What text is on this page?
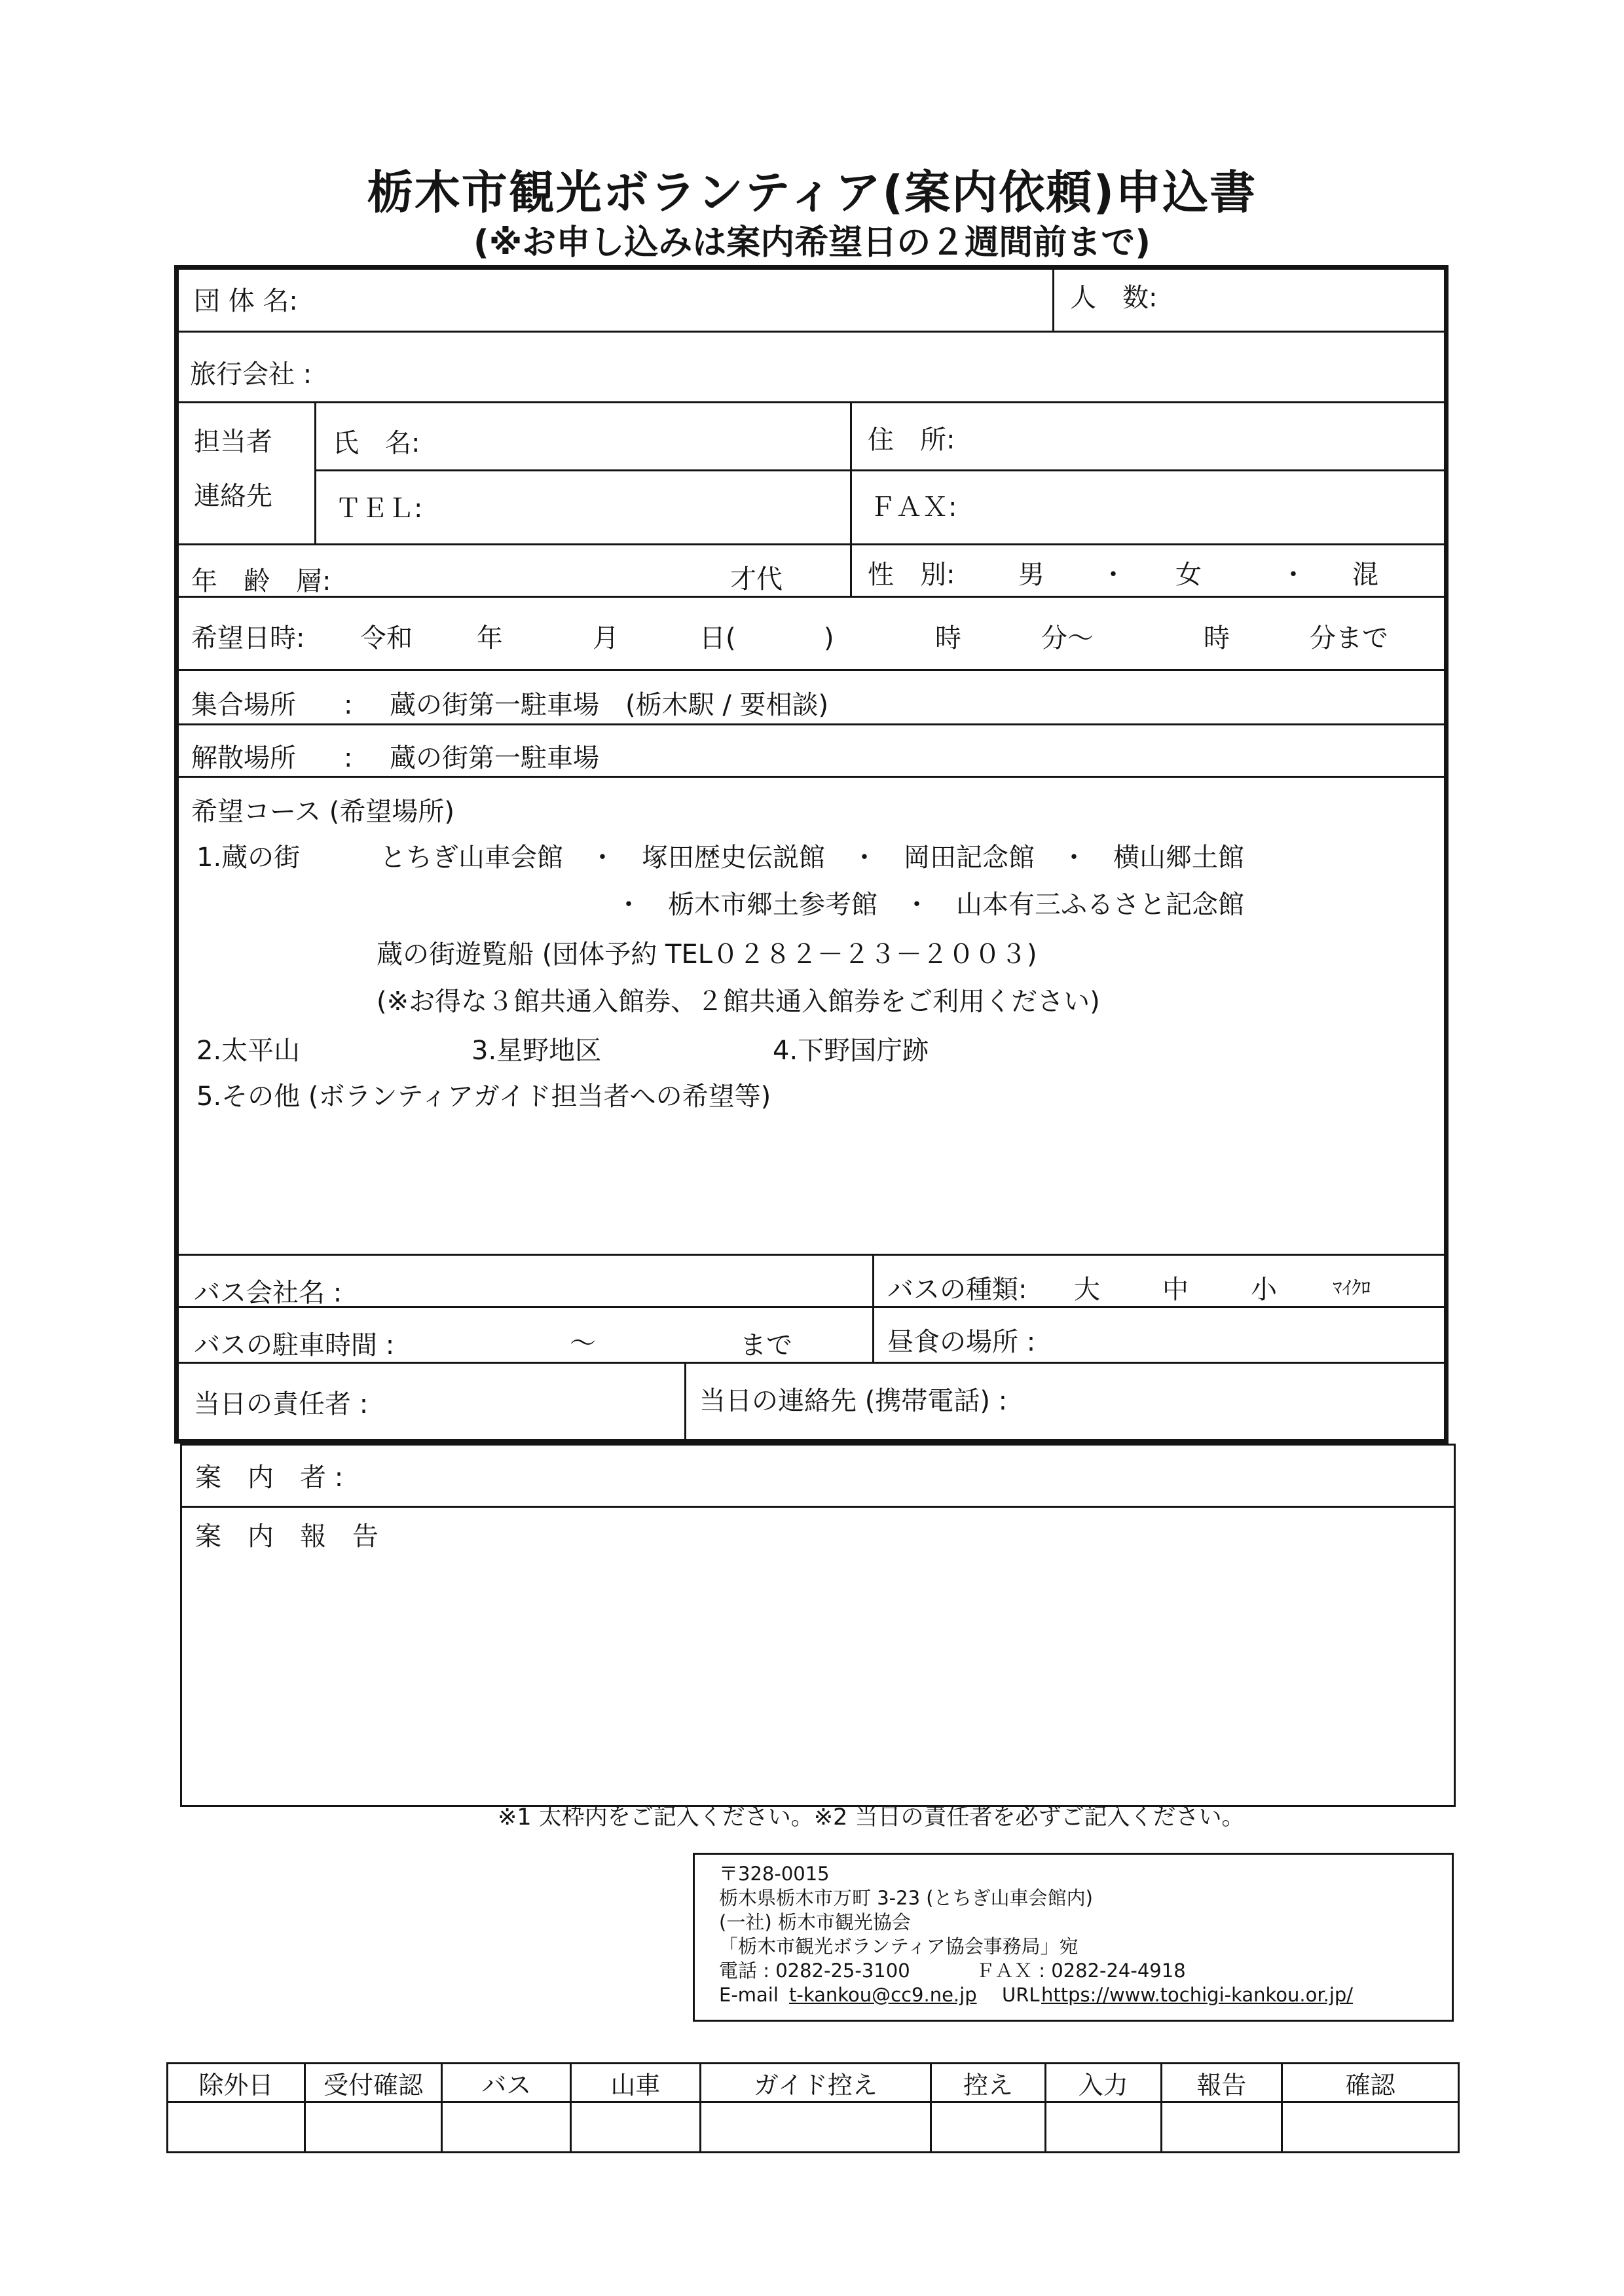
栃木市観光ボランティア(案内依頼)申込書
(※お申し込みは案内希望日の２週間前まで)
団 体 名:	人　数:
旅行会社 :
担当者
連絡先
氏　名:	住　所:
ＴＥＬ:	ＦＡＸ:
年　齢　層:	才代	性　別: 男 ・ 女	・ 混
希望日時: 令和 年	月	日(	)	時	分～	時	分まで
集合場所 : 蔵の街第一駐車場　(栃木駅 / 要相談)
解散場所 : 蔵の街第一駐車場
希望コース (希望場所)
1.蔵の街	とちぎ山車会館　・　塚田歴史伝説館　・　岡田記念館　・　横山郷土館
・　栃木市郷土参考館　・　山本有三ふるさと記念館
蔵の街遊覧船 (団体予約 TEL０２８２－２３－２００３)
(※お得な３館共通入館券、２館共通入館券をご利用ください)
2.太平山	3.星野地区	4.下野国庁跡
5.その他 (ボランティアガイド担当者への希望等)
バス会社名 :	バスの種類: 大 中 小	ﾏｲｸﾛ
バスの駐車時間 :	～	まで	昼食の場所 :
当日の責任者 :	当日の連絡先 (携帯電話) :
案　内　者 :
案　内　報　告
※1 太枠内をご記入ください。※2 当日の責任者を必ずご記入ください。
〒328-0015
栃木県栃木市万町 3-23 (とちぎ山車会館内)
(一社) 栃木市観光協会
「栃木市観光ボランティア協会事務局」宛
電話 : 0282-25-3100	ＦＡＸ : 0282-24-4918
E-mail t-kankou@cc9.ne.jp URL https://www.tochigi-kankou.or.jp/
除外日	受付確認	バス	山車	ガイド控え	控え	入力	報告	確認
